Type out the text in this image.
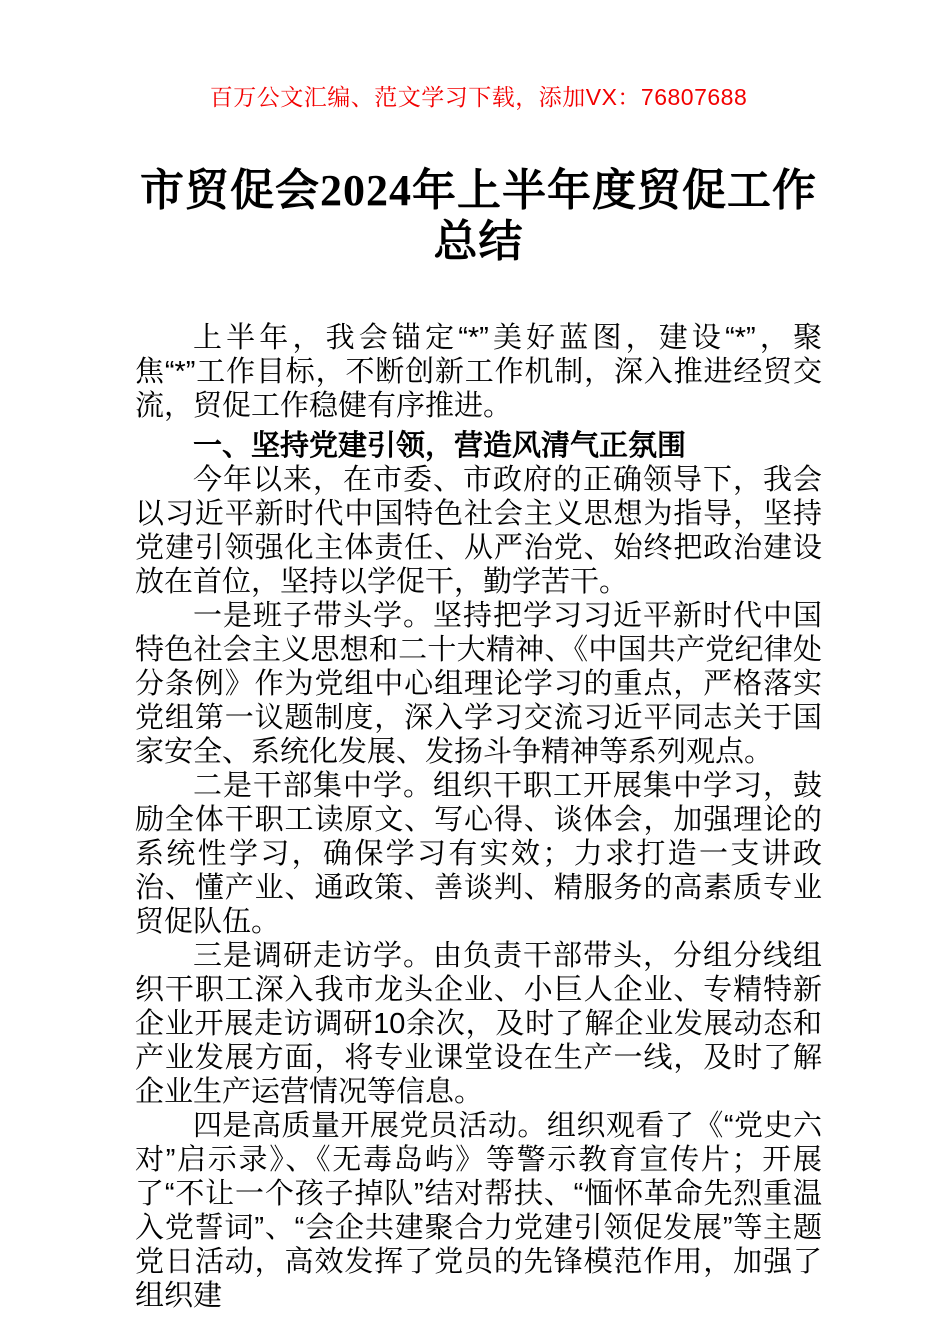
百万公文汇编、范文学习下载，添加VX：76807688
市贸促会2024年上半年度贸促工作总结

上半年，我会锚定“*”美好蓝图，建设“*”，聚焦“*”工作目标，不断创新工作机制，深入推进经贸交流，贸促工作稳健有序推进。

一、坚持党建引领，营造风清气正氛围

今年以来，在市委、市政府的正确领导下，我会以习近平新时代中国特色社会主义思想为指导，坚持党建引领强化主体责任、从严治党、始终把政治建设放在首位，坚持以学促干，勤学苦干。

一是班子带头学。坚持把学习习近平新时代中国特色社会主义思想和二十大精神、《中国共产党纪律处分条例》作为党组中心组理论学习的重点，严格落实党组第一议题制度，深入学习交流习近平同志关于国家安全、系统化发展、发扬斗争精神等系列观点。

二是干部集中学。组织干职工开展集中学习，鼓励全体干职工读原文、写心得、谈体会，加强理论的系统性学习，确保学习有实效；力求打造一支讲政治、懂产业、通政策、善谈判、精服务的高素质专业贸促队伍。

三是调研走访学。由负责干部带头，分组分线组织干职工深入我市龙头企业、小巨人企业、专精特新企业开展走访调研10余次，及时了解企业发展动态和产业发展方面，将专业课堂设在生产一线，及时了解企业生产运营情况等信息。

四是高质量开展党员活动。组织观看了《“党史六对”启示录》、《无毒岛屿》等警示教育宣传片；开展了“不让一个孩子掉队”结对帮扶、“愐怀革命先烈重温入党誓词”、“会企共建聚合力党建引领促发展”等主题党日活动，高效发挥了党员的先锋模范作用，加强了组织建
